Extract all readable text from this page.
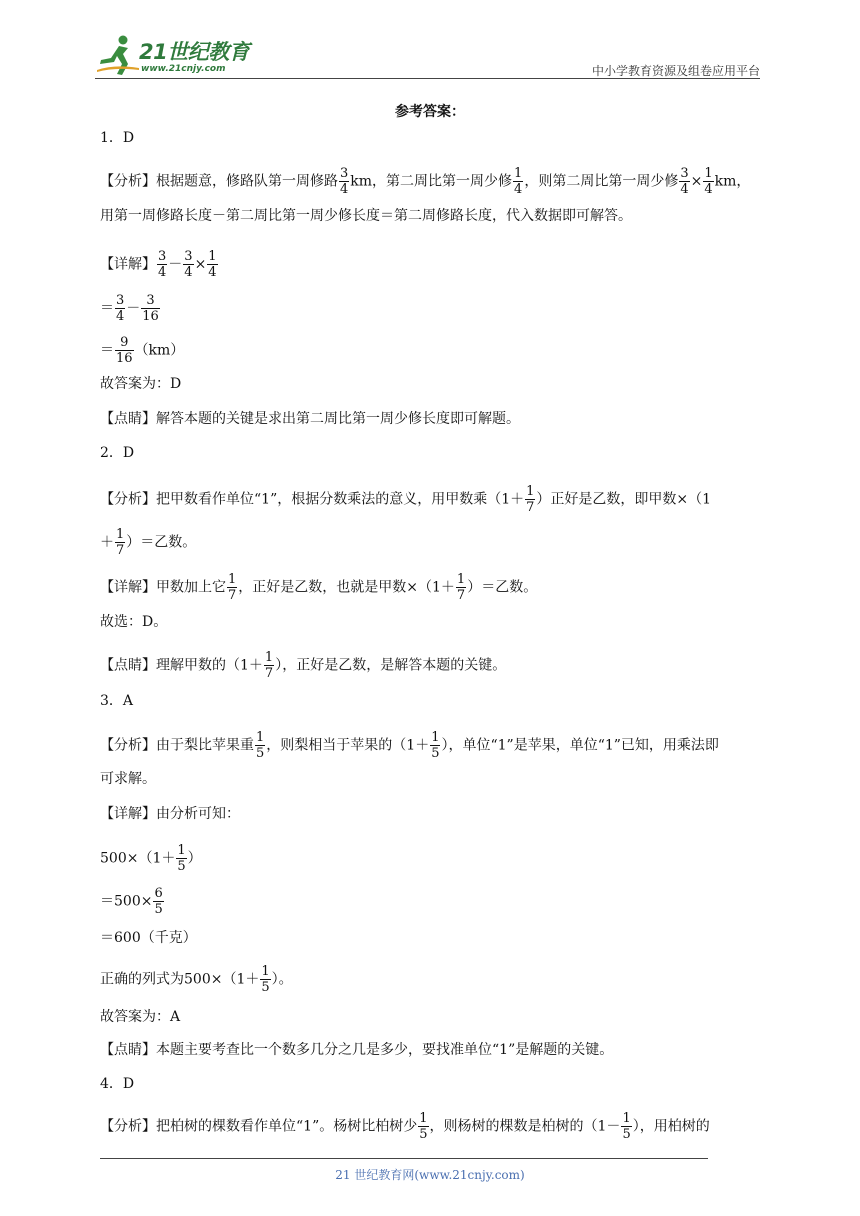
21世纪教育
www.21cnjy.com	中小学教育资源及组卷应用平台
参考答案：
1．D
【分析】根据题意，修路队第一周修路 $\frac{3}{4}$ km，第二周比第一周少修 $\frac{1}{4}$ ，则第二周比第一周少修 $\frac{3}{4} \times \frac{1}{4}$ km，
用第一周修路长度－第二周比第一周少修长度＝第二周修路长度，代入数据即可解答。
【详解】 $\frac{3}{4} - \frac{3}{4} \times \frac{1}{4}$
＝ $\frac{3}{4} - \frac{3}{16}$
＝ $\frac{9}{16} (km)$
故答案为：D
【点睛】解答本题的关键是求出第二周比第一周少修长度即可解题。
2．D
【分析】把甲数看作单位“1”，根据分数乘法的意义，用甲数乘（$1+ \frac{1}{7}$ ）正好是乙数，即甲数×（1
＋ $\frac{1}{7}$ ）＝乙数。
【详解】甲数加上它 $\frac{1}{7}$ ，正好是乙数，也就是甲数$\times(1+ \frac{1}{7}$ ）＝乙数。
故选：D。
【点睛】理解甲数的（$1+ \frac{1}{7}$ ），正好是乙数，是解答本题的关键。
3．A
【分析】由于梨比苹果重 $\frac{1}{5}$ ，则梨相当于苹果的（$1+ \frac{1}{5}$ ），单位“1”是苹果，单位“1”已知，用乘法即
可求解。
【详解】由分析可知：
$500\times(1+ \frac{1}{5}$ ）
$=500\times \frac{6}{5}$
＝600（千克）
正确的列式为$500\times(1+ \frac{1}{5}$ ）。
故答案为：A
【点睛】本题主要考查比一个数多几分之几是多少，要找准单位“1”是解题的关键。
4．D
【分析】把柏树的棵数看作单位“1”。杨树比柏树少 $\frac{1}{5}$ ，则杨树的棵数是柏树的（$1- \frac{1}{5}$ ），用柏树的
21 世纪教育网(www.21cnjy.com)
